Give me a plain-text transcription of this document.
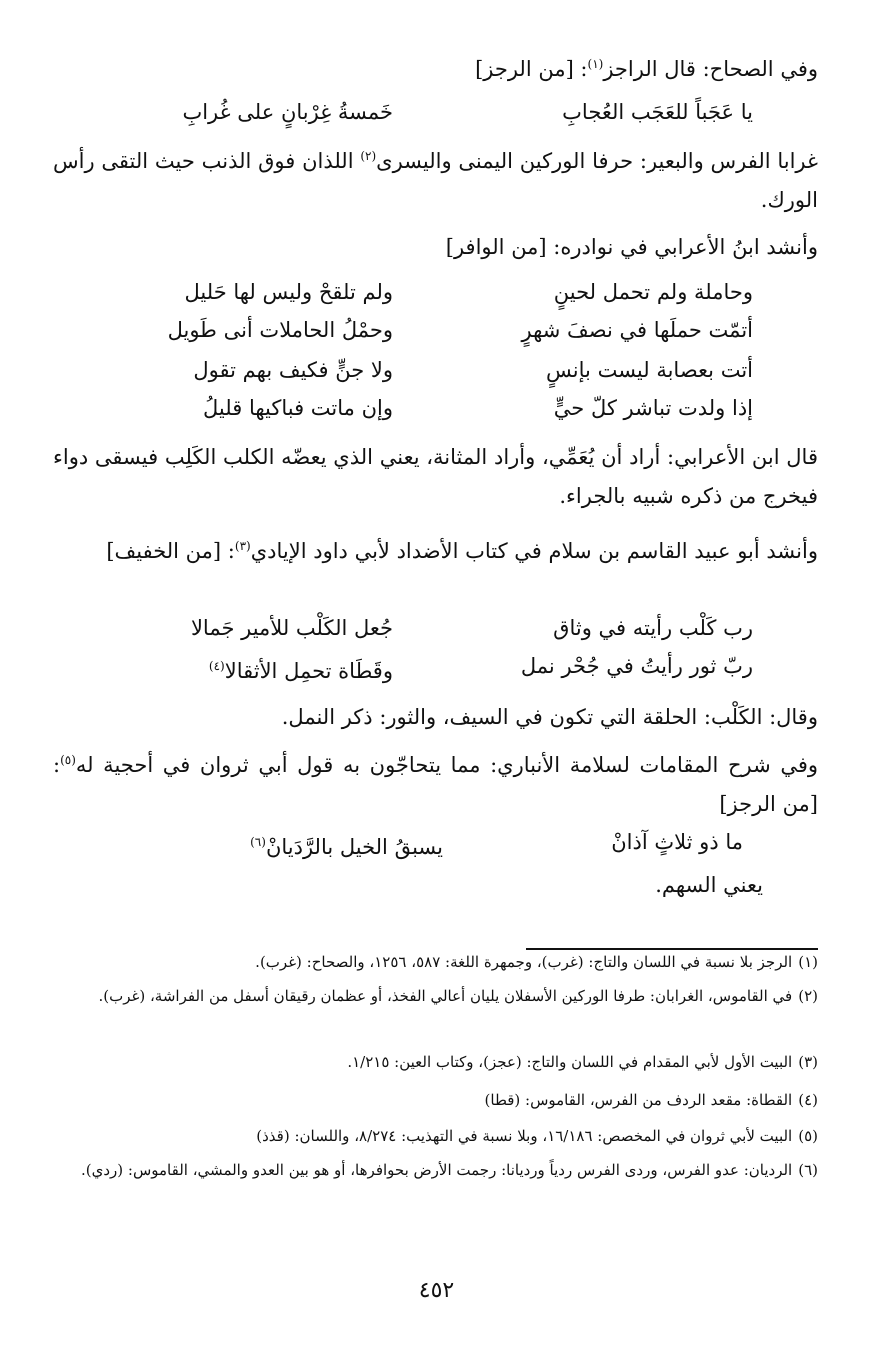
وفي الصحاح: قال الراجز$^{(١)}$: [من الرجز]

يا عَجَباً للعَجَب العُجابِ
خَمسةُ غِرْبانٍ على غُرابِ

غرابا الفرس والبعير: حرفا الوركين اليمنى واليسرى$^{(٢)}$ اللذان فوق الذنب حيث التقى رأس الورك.

وأنشد ابنُ الأعرابي في نوادره: [من الوافر]

وحاملة ولم تحمل لحينٍ
ولم تلقحْ وليس لها حَليل
أتمّت حملَها في نصفَ شهرٍ
وحمْلُ الحاملات أنى طَويل
أتت بعصابة ليست بإنسٍ
ولا جنٍّ فكيف بهم تقول
إذا ولدت تباشر كلّ حيٍّ
وإن ماتت فباكيها قليلُ

قال ابن الأعرابي: أراد أن يُعَمِّي، وأراد المثانة، يعني الذي يعضّه الكلب الكَلِب فيسقى دواء فيخرج من ذكره شبيه بالجراء.

وأنشد أبو عبيد القاسم بن سلام في كتاب الأضداد لأبي داود الإيادي$^{(٣)}$: [من الخفيف]

رب كَلْب رأيته في وثاق
جُعل الكَلْب للأمير جَمالا
ربّ ثور رأيتُ في جُحْر نمل
وقَطَاة تحمِل الأثقالا$^{(٤)}$

وقال: الكَلْب: الحلقة التي تكون في السيف، والثور: ذكر النمل.

وفي شرح المقامات لسلامة الأنباري: مما يتحاجّون به قول أبي ثروان في أحجية له$^{(٥)}$: [من الرجز]

ما ذو ثلاثٍ آذانْ
يسبقُ الخيل بالرَّدَيانْ$^{(٦)}$

يعني السهم.

(١)الرجز بلا نسبة في اللسان والتاج: (غرب)، وجمهرة اللغة: ٥٨٧، ١٢٥٦، والصحاح: (غرب).
(٢)في القاموس، الغرابان: طرفا الوركين الأسفلان يليان أعالي الفخذ، أو عظمان رقيقان أسفل من الفراشة، (غرب).
(٣)البيت الأول لأبي المقدام في اللسان والتاج: (عجز)، وكتاب العين: ١/٢١٥.
(٤)القطاة: مقعد الردف من الفرس، القاموس: (قطا)
(٥)البيت لأبي ثروان في المخصص: ١٦/١٨٦، وبلا نسبة في التهذيب: ٨/٢٧٤، واللسان: (قذذ)
(٦)الرديان: عدو الفرس، وردى الفرس ردياً ورديانا: رجمت الأرض بحوافرها، أو هو بين العدو والمشي، القاموس: (ردي).
٤٥٢
